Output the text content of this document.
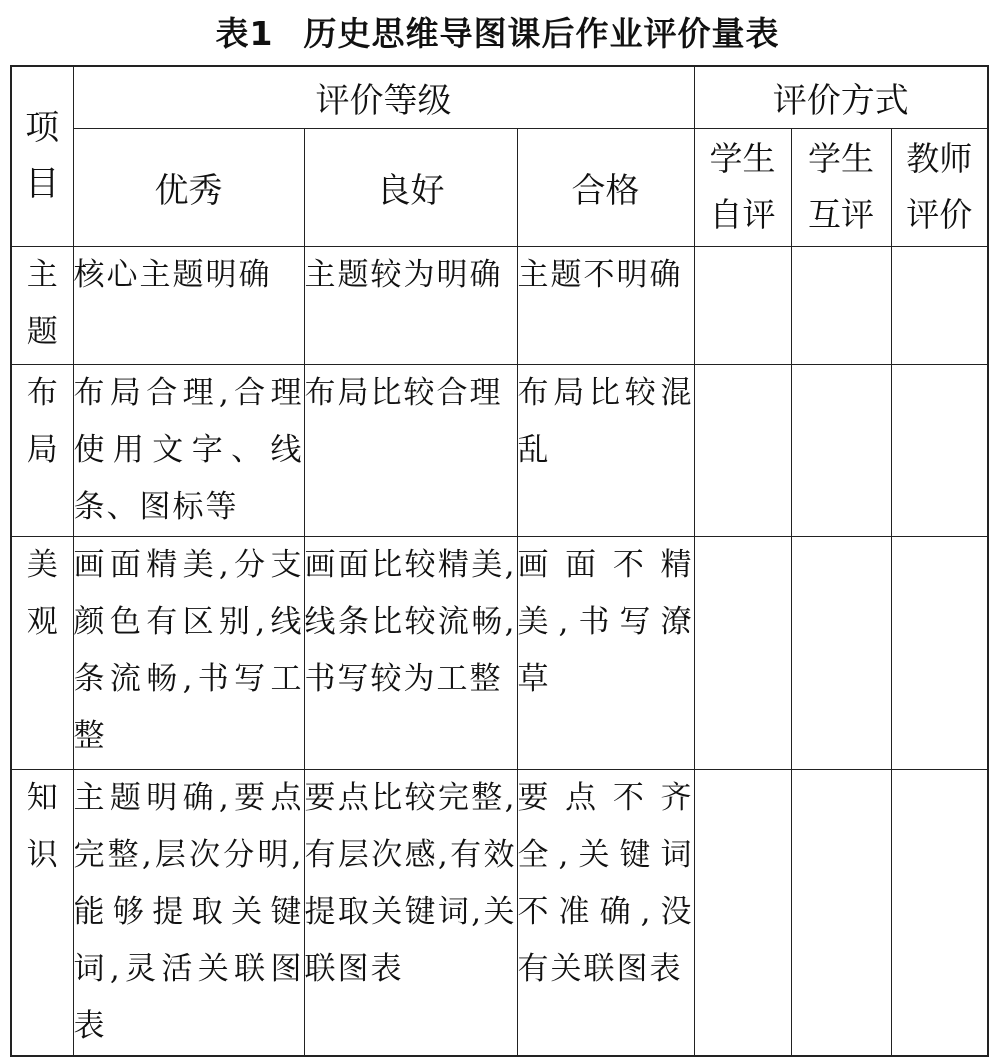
表1 历史思维导图课后作业评价量表
项目	评价等级			评价方式		
	优秀	良好	合格	学生自评	学生互评	教师评价

主题	核心主题明确	主题较为明确	主题不明确			

布局	布局合理,合理使用文字、线条、图标等	布局比较合理	布局比较混乱			

美观	画面精美,分支颜色有区别,线条流畅,书写工整	画面比较精美,线条比较流畅,书写较为工整	画面不精美,书写潦草			

知识	主题明确,要点完整,层次分明,能够提取关键词,灵活关联图表	要点比较完整,有层次感,有效提取关键词,关联图表	要点不齐全,关键词不准确,没有关联图表			
